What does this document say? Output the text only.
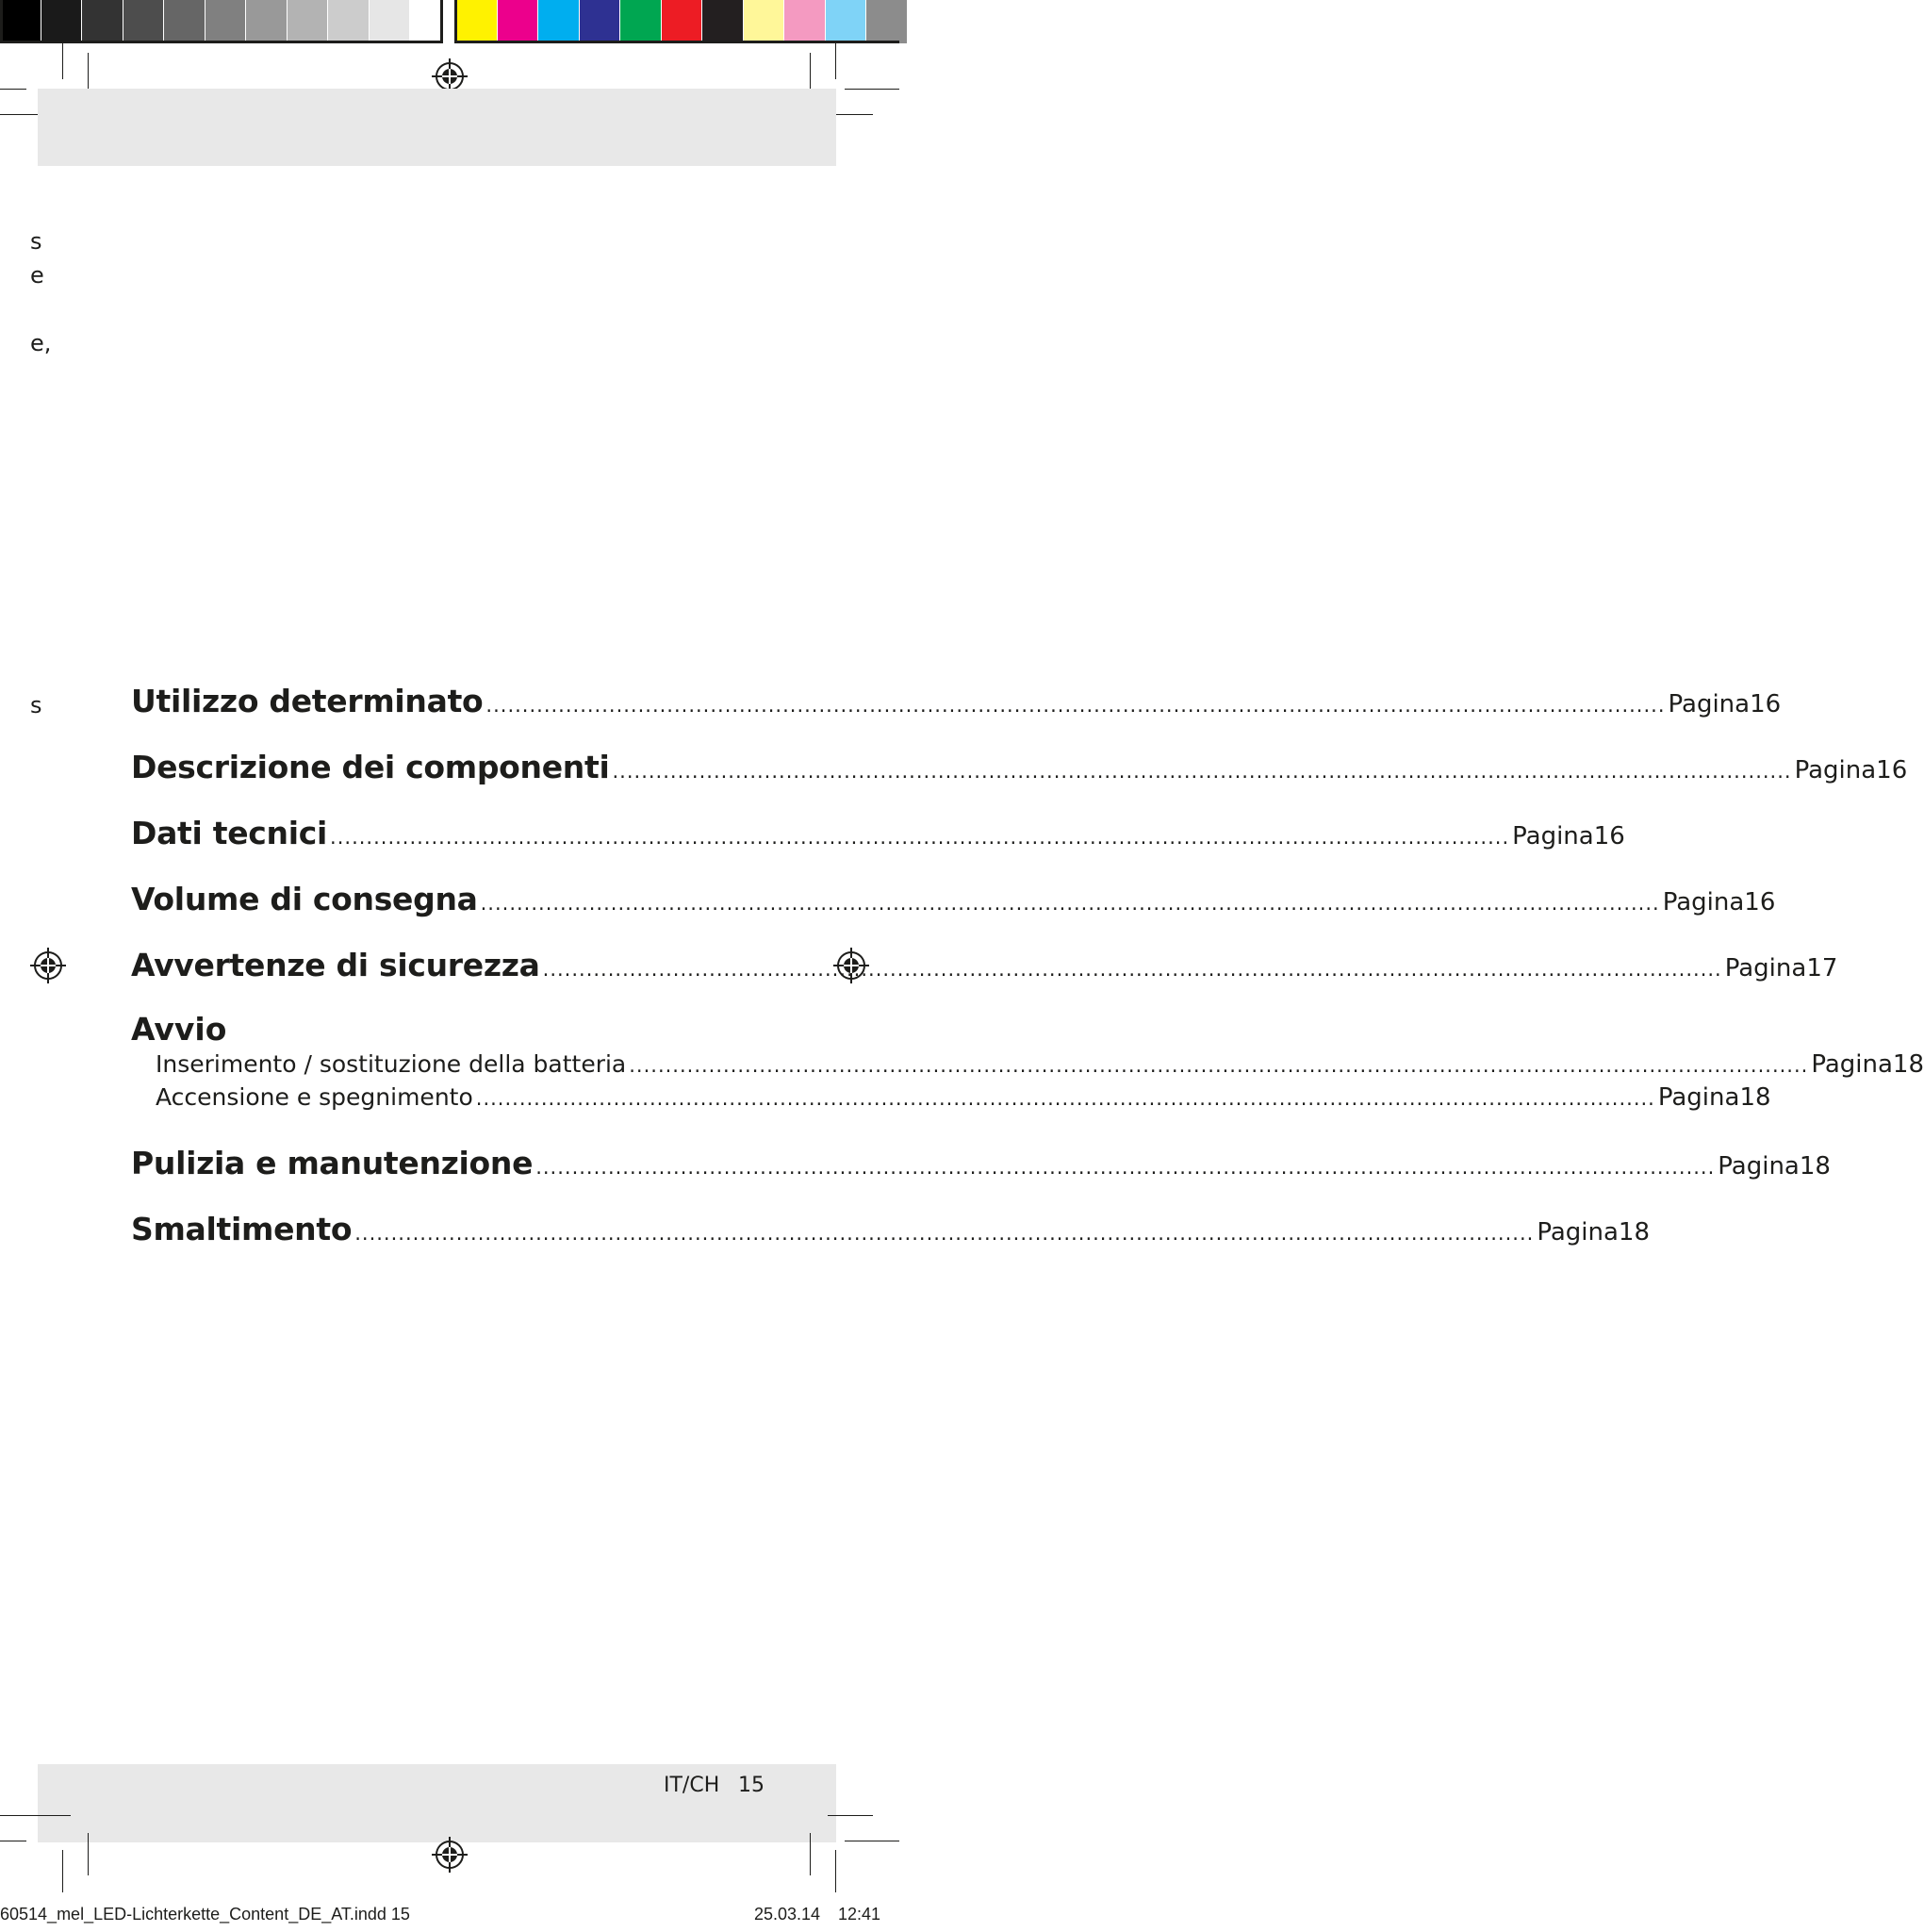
s
e
e,
s	Utilizzo determinato .....	Pagina 16
Descrizione dei componenti .....	Pagina 16
Dati tecnici .....	Pagina 16
Volume di consegna .....	Pagina 16
Avvertenze di sicurezza .....	Pagina 17
Avvio
Inserimento / sostituzione della batteria .....	Pagina 18
Accensione e spegnimento .....	Pagina 18
Pulizia e manutenzione .....	Pagina 18
Smaltimento .....	Pagina 18
IT/CH 15
60514_mel_LED-Lichterkette_Content_DE_AT.indd 15	25.03.14 12:41
